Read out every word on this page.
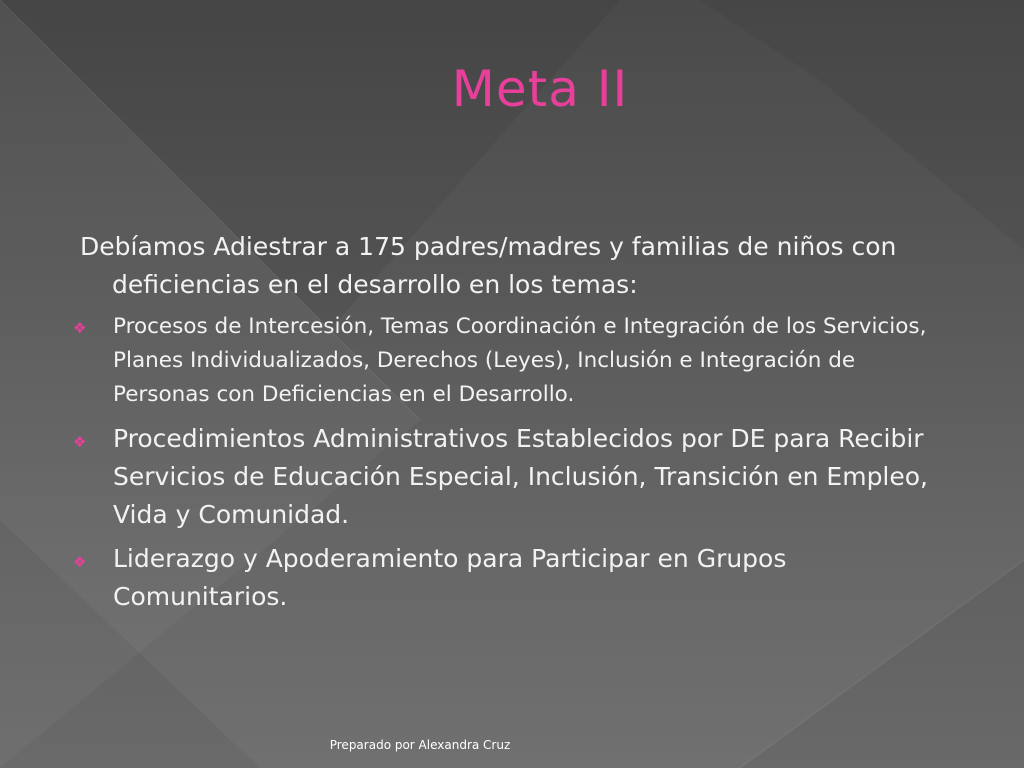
Meta II

Debíamos Adiestrar a 175 padres/madres y familias de niños con deficiencias en el desarrollo en los temas:

❖ Procesos de Intercesión, Temas Coordinación e Integración de los Servicios, Planes Individualizados, Derechos (Leyes), Inclusión e Integración de Personas con Deficiencias en el Desarrollo.
❖ Procedimientos Administrativos Establecidos por DE para Recibir Servicios de Educación Especial, Inclusión, Transición en Empleo, Vida y Comunidad.
❖ Liderazgo y Apoderamiento para Participar en Grupos Comunitarios.
Preparado por Alexandra Cruz
